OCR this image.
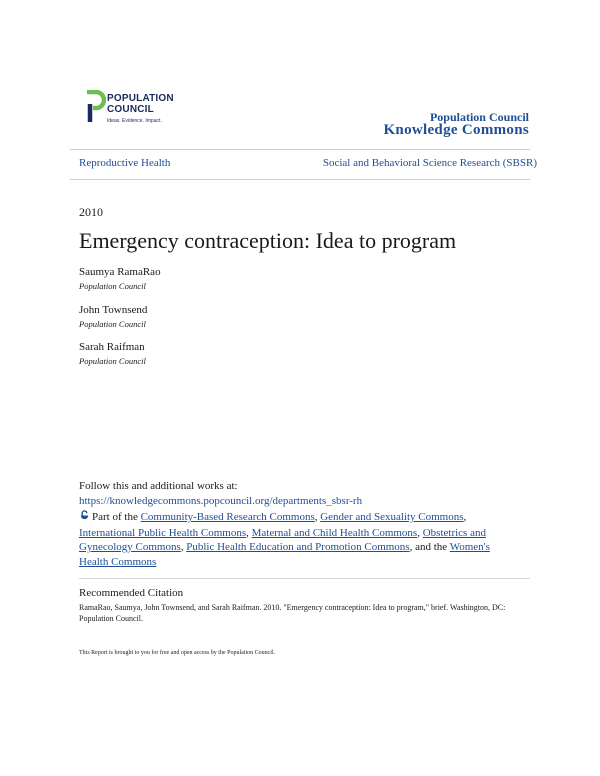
POPULATION
COUNCIL
Ideas. Evidence. Impact.	Population Council
Knowledge Commons
Reproductive Health	Social and Behavioral Science Research (SBSR)
2010
Emergency contraception: Idea to program
Saumya RamaRao
Population Council
John Townsend
Population Council
Sarah Raifman
Population Council
Follow this and additional works at: https://knowledgecommons.popcouncil.org/departments_sbsr-rh
Part of the Community-Based Research Commons, Gender and Sexuality Commons, International Public Health Commons, Maternal and Child Health Commons, Obstetrics and Gynecology Commons, Public Health Education and Promotion Commons, and the Women's Health Commons
Recommended Citation
RamaRao, Saumya, John Townsend, and Sarah Raifman. 2010. "Emergency contraception: Idea to program," brief. Washington, DC: Population Council.
This Report is brought to you for free and open access by the Population Council.
